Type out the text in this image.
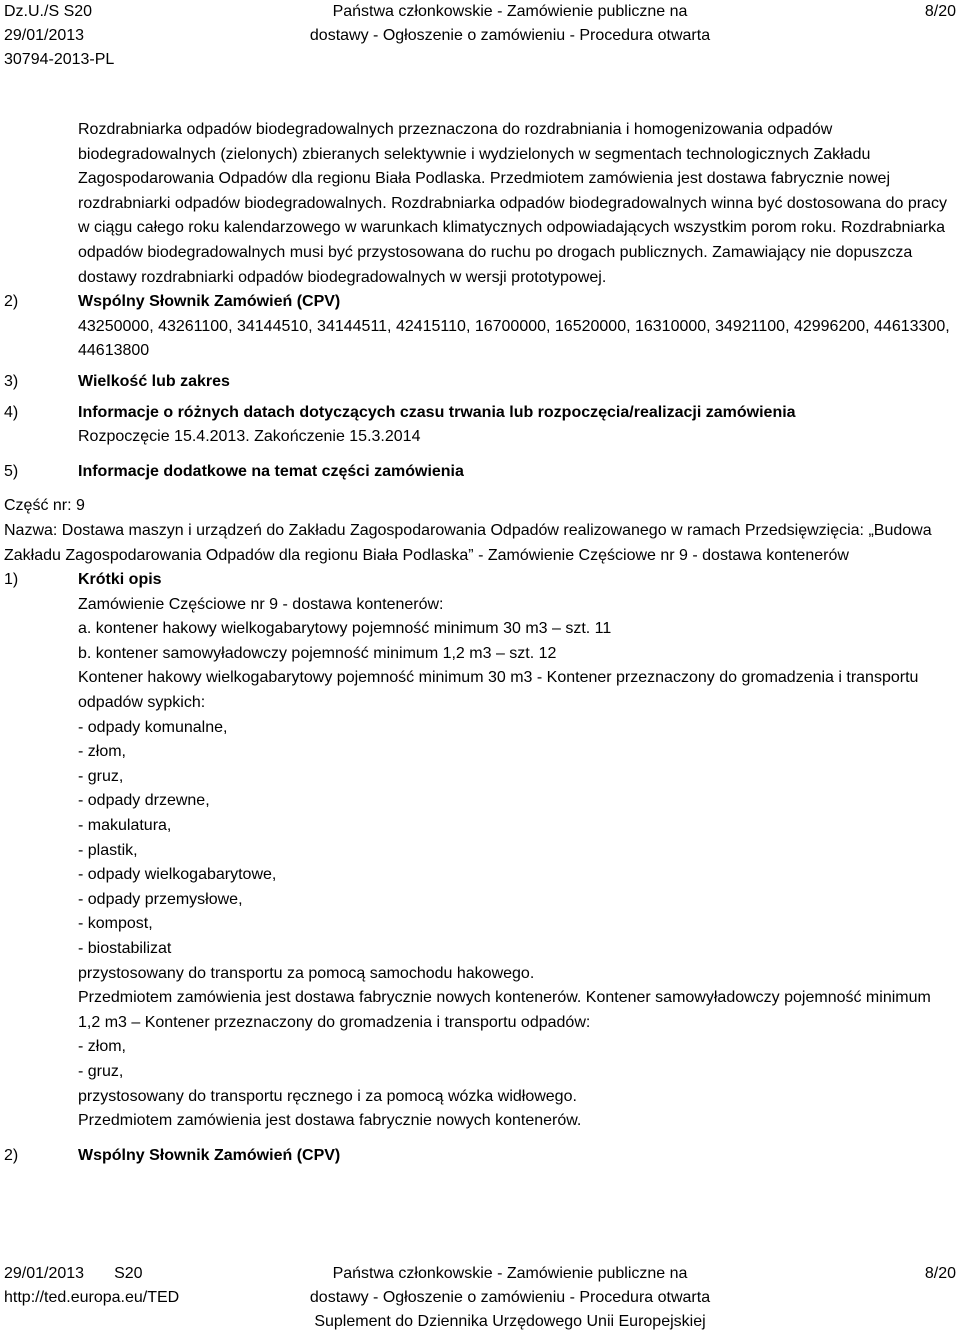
Dz.U./S S20
29/01/2013
30794-2013-PL
Państwa członkowskie - Zamówienie publiczne na
dostawy - Ogłoszenie o zamówieniu - Procedura otwarta
8/20

Rozdrabniarka odpadów biodegradowalnych przeznaczona do rozdrabniania i homogenizowania odpadów biodegradowalnych (zielonych) zbieranych selektywnie i wydzielonych w segmentach technologicznych Zakładu Zagospodarowania Odpadów dla regionu Biała Podlaska. Przedmiotem zamówienia jest dostawa fabrycznie nowej rozdrabniarki odpadów biodegradowalnych. Rozdrabniarka odpadów biodegradowalnych winna być dostosowana do pracy w ciągu całego roku kalendarzowego w warunkach klimatycznych odpowiadających wszystkim porom roku. Rozdrabniarka odpadów biodegradowalnych musi być przystosowana do ruchu po drogach publicznych. Zamawiający nie dopuszcza dostawy rozdrabniarki odpadów biodegradowalnych w wersji prototypowej.

2)	Wspólny Słownik Zamówień (CPV)
43250000, 43261100, 34144510, 34144511, 42415110, 16700000, 16520000, 16310000, 34921100, 42996200, 44613300, 44613800
3)	Wielkość lub zakres
4)	Informacje o różnych datach dotyczących czasu trwania lub rozpoczęcia/realizacji zamówienia
Rozpoczęcie 15.4.2013. Zakończenie 15.3.2014
5)	Informacje dodatkowe na temat części zamówienia

Część nr: 9

Nazwa: Dostawa maszyn i urządzeń do Zakładu Zagospodarowania Odpadów realizowanego w ramach Przedsięwzięcia: „Budowa Zakładu Zagospodarowania Odpadów dla regionu Biała Podlaska” - Zamówienie Częściowe nr 9 - dostawa kontenerów

1)	Krótki opis
Zamówienie Częściowe nr 9 - dostawa kontenerów:
a. kontener hakowy wielkogabarytowy pojemność minimum 30 m3 – szt. 11
b. kontener samowyładowczy pojemność minimum 1,2 m3 – szt. 12
Kontener hakowy wielkogabarytowy pojemność minimum 30 m3 - Kontener przeznaczony do gromadzenia i transportu odpadów sypkich:
- odpady komunalne,
- złom,
- gruz,
- odpady drzewne,
- makulatura,
- plastik,
- odpady wielkogabarytowe,
- odpady przemysłowe,
- kompost,
- biostabilizat
przystosowany do transportu za pomocą samochodu hakowego.
Przedmiotem zamówienia jest dostawa fabrycznie nowych kontenerów. Kontener samowyładowczy pojemność minimum 1,2 m3 – Kontener przeznaczony do gromadzenia i transportu odpadów:
- złom,
- gruz,
przystosowany do transportu ręcznego i za pomocą wózka widłowego.
Przedmiotem zamówienia jest dostawa fabrycznie nowych kontenerów.
2)	Wspólny Słownik Zamówień (CPV)
29/01/2013 S20
http://ted.europa.eu/TED
Państwa członkowskie - Zamówienie publiczne na
dostawy - Ogłoszenie o zamówieniu - Procedura otwarta
Suplement do Dziennika Urzędowego Unii Europejskiej
8/20
